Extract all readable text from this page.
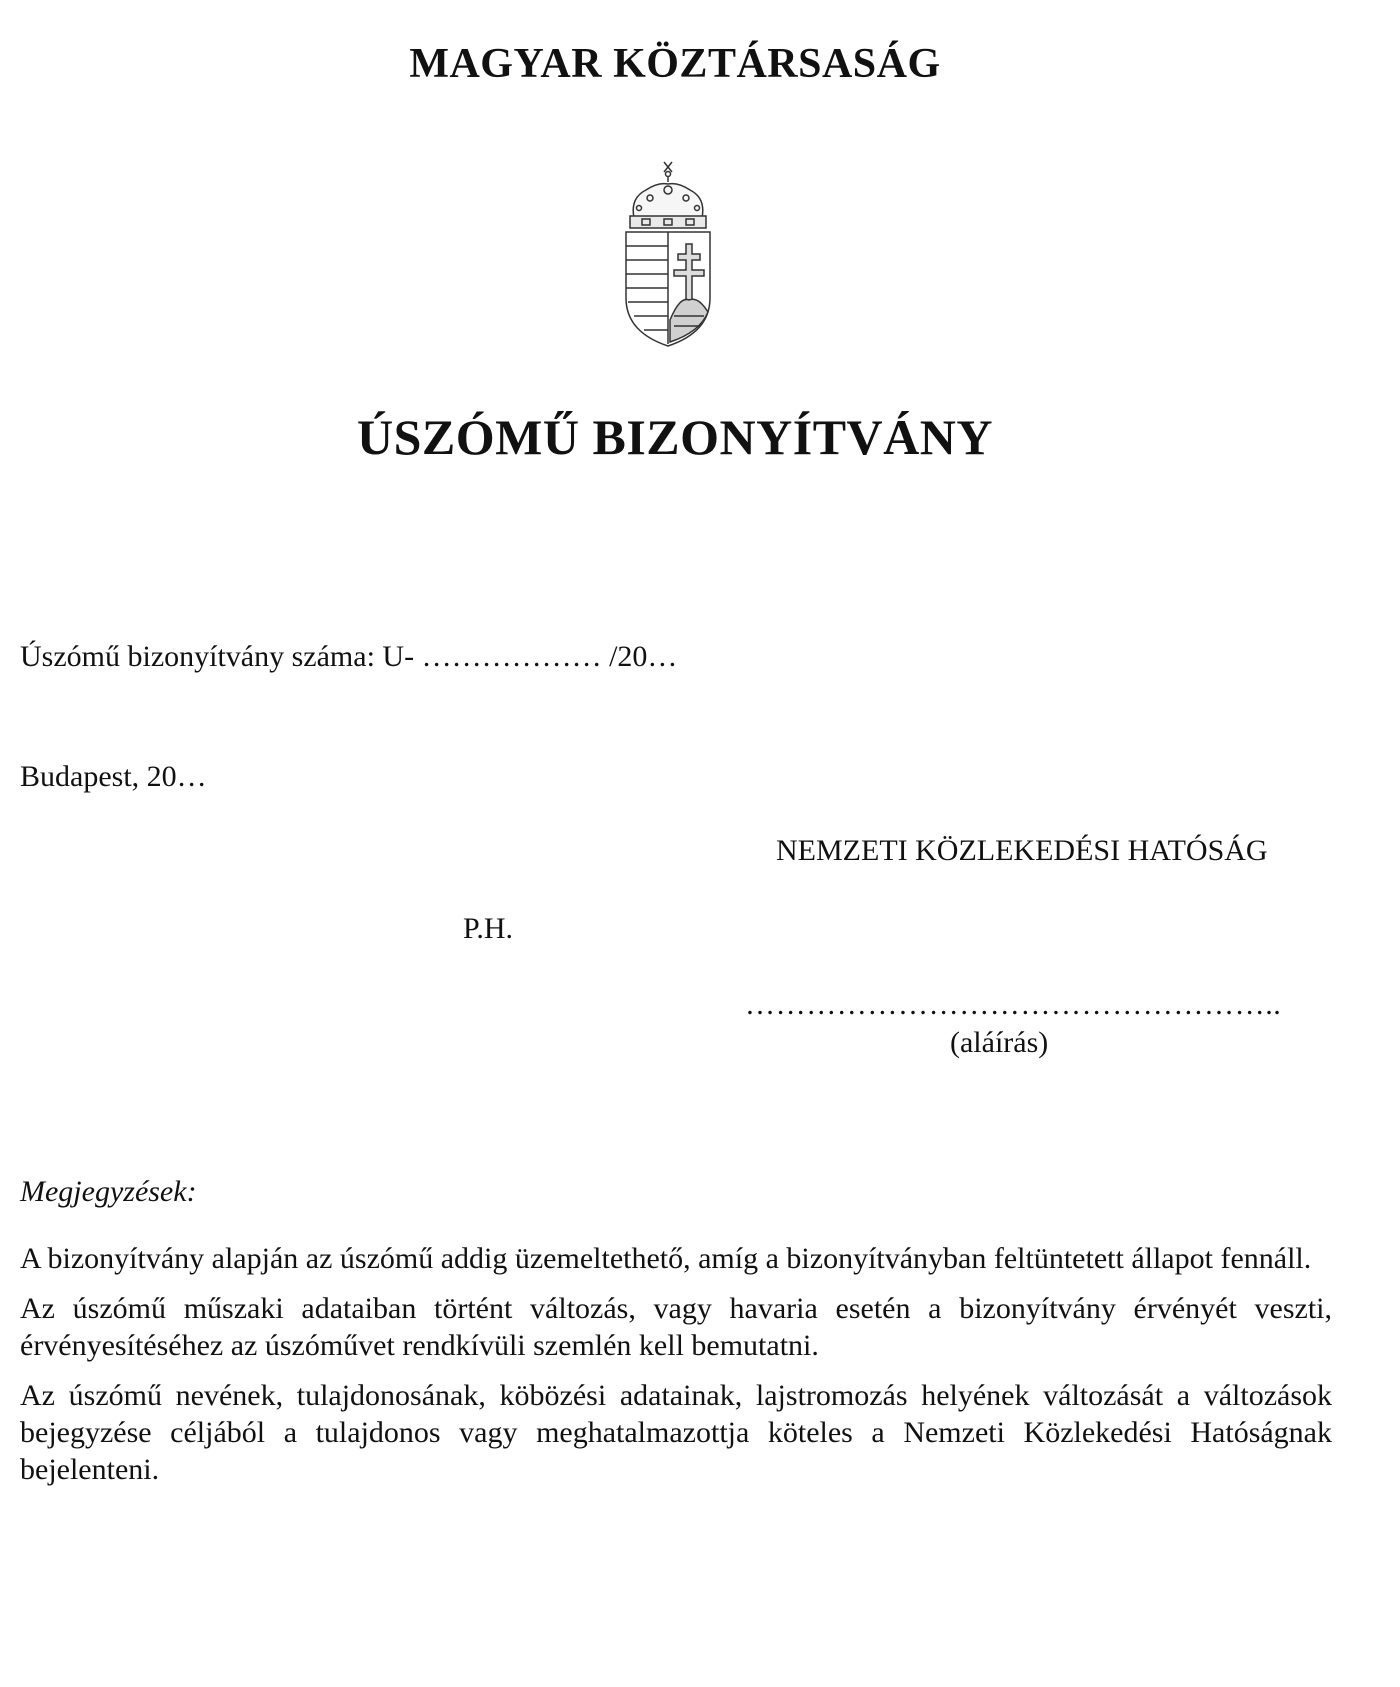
MAGYAR KÖZTÁRSASÁG
ÚSZÓMŰ BIZONYÍTVÁNY
Úszómű bizonyítvány száma: U- ……………… /20…
Budapest, 20…
NEMZETI KÖZLEKEDÉSI HATÓSÁG
P.H.
……………………………………………..
(aláírás)
Megjegyzések:

A bizonyítvány alapján az úszómű addig üzemeltethető, amíg a bizonyítványban feltüntetett állapot fennáll.

Az úszómű műszaki adataiban történt változás, vagy havaria esetén a bizonyítvány érvényét veszti, érvényesítéséhez az úszóművet rendkívüli szemlén kell bemutatni.

Az úszómű nevének, tulajdonosának, köbözési adatainak, lajstromozás helyének változását a változások bejegyzése céljából a tulajdonos vagy meghatalmazottja köteles a Nemzeti Közlekedési Hatóságnak bejelenteni.
